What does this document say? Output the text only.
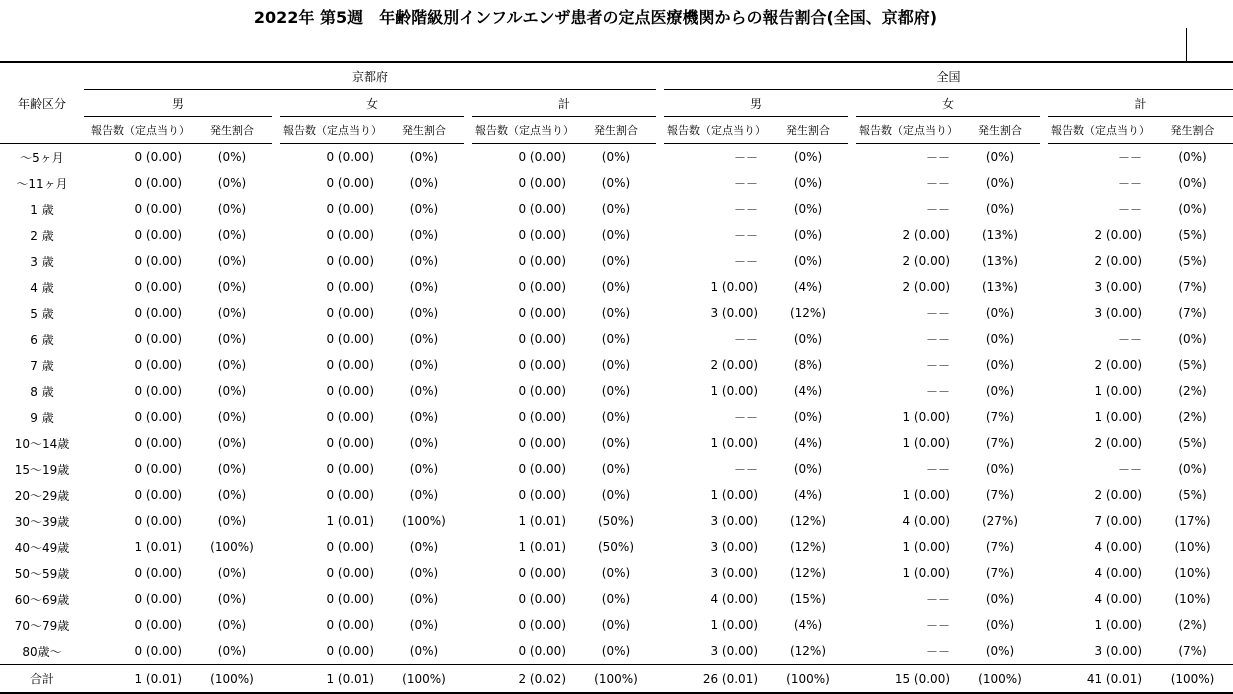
2022年 第5週　年齢階級別インフルエンザ患者の定点医療機関からの報告割合(全国、京都府)
年齢区分	京都府									全国							
	男			女			計			男			女			計	
	報告数（定点当り）	発生割合		報告数（定点当り）	発生割合		報告数（定点当り）	発生割合		報告数（定点当り）	発生割合		報告数（定点当り）	発生割合		報告数（定点当り）	発生割合
～5ヶ月	0 (0.00)	(0%)		0 (0.00)	(0%)		0 (0.00)	(0%)		－－	(0%)		－－	(0%)		－－	(0%)
～11ヶ月	0 (0.00)	(0%)		0 (0.00)	(0%)		0 (0.00)	(0%)		－－	(0%)		－－	(0%)		－－	(0%)
1 歳	0 (0.00)	(0%)		0 (0.00)	(0%)		0 (0.00)	(0%)		－－	(0%)		－－	(0%)		－－	(0%)
2 歳	0 (0.00)	(0%)		0 (0.00)	(0%)		0 (0.00)	(0%)		－－	(0%)		2 (0.00)	(13%)		2 (0.00)	(5%)
3 歳	0 (0.00)	(0%)		0 (0.00)	(0%)		0 (0.00)	(0%)		－－	(0%)		2 (0.00)	(13%)		2 (0.00)	(5%)
4 歳	0 (0.00)	(0%)		0 (0.00)	(0%)		0 (0.00)	(0%)		1 (0.00)	(4%)		2 (0.00)	(13%)		3 (0.00)	(7%)
5 歳	0 (0.00)	(0%)		0 (0.00)	(0%)		0 (0.00)	(0%)		3 (0.00)	(12%)		－－	(0%)		3 (0.00)	(7%)
6 歳	0 (0.00)	(0%)		0 (0.00)	(0%)		0 (0.00)	(0%)		－－	(0%)		－－	(0%)		－－	(0%)
7 歳	0 (0.00)	(0%)		0 (0.00)	(0%)		0 (0.00)	(0%)		2 (0.00)	(8%)		－－	(0%)		2 (0.00)	(5%)
8 歳	0 (0.00)	(0%)		0 (0.00)	(0%)		0 (0.00)	(0%)		1 (0.00)	(4%)		－－	(0%)		1 (0.00)	(2%)
9 歳	0 (0.00)	(0%)		0 (0.00)	(0%)		0 (0.00)	(0%)		－－	(0%)		1 (0.00)	(7%)		1 (0.00)	(2%)
10～14歳	0 (0.00)	(0%)		0 (0.00)	(0%)		0 (0.00)	(0%)		1 (0.00)	(4%)		1 (0.00)	(7%)		2 (0.00)	(5%)
15～19歳	0 (0.00)	(0%)		0 (0.00)	(0%)		0 (0.00)	(0%)		－－	(0%)		－－	(0%)		－－	(0%)
20～29歳	0 (0.00)	(0%)		0 (0.00)	(0%)		0 (0.00)	(0%)		1 (0.00)	(4%)		1 (0.00)	(7%)		2 (0.00)	(5%)
30～39歳	0 (0.00)	(0%)		1 (0.01)	(100%)		1 (0.01)	(50%)		3 (0.00)	(12%)		4 (0.00)	(27%)		7 (0.00)	(17%)
40～49歳	1 (0.01)	(100%)		0 (0.00)	(0%)		1 (0.01)	(50%)		3 (0.00)	(12%)		1 (0.00)	(7%)		4 (0.00)	(10%)
50～59歳	0 (0.00)	(0%)		0 (0.00)	(0%)		0 (0.00)	(0%)		3 (0.00)	(12%)		1 (0.00)	(7%)		4 (0.00)	(10%)
60～69歳	0 (0.00)	(0%)		0 (0.00)	(0%)		0 (0.00)	(0%)		4 (0.00)	(15%)		－－	(0%)		4 (0.00)	(10%)
70～79歳	0 (0.00)	(0%)		0 (0.00)	(0%)		0 (0.00)	(0%)		1 (0.00)	(4%)		－－	(0%)		1 (0.00)	(2%)
80歳～	0 (0.00)	(0%)		0 (0.00)	(0%)		0 (0.00)	(0%)		3 (0.00)	(12%)		－－	(0%)		3 (0.00)	(7%)
合計	1 (0.01)	(100%)		1 (0.01)	(100%)		2 (0.02)	(100%)		26 (0.01)	(100%)		15 (0.00)	(100%)		41 (0.01)	(100%)
